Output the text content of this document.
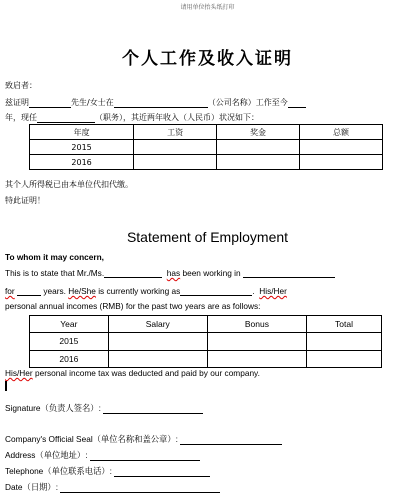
请用单位抬头纸打印
个人工作及收入证明
致启者：
兹证明	先生/女士在	（公司名称）工作至今
年，现任	（职务），其近两年收入（人民币）状况如下：
年度	工资	奖金	总额
2015			
2016			
其个人所得税已由本单位代扣代缴。
特此证明！
Statement of Employment
To whom it may concern,
This is to state that Mr./Ms.	has been working in
for	years. He/She is currently working as	. His/Her
personal annual incomes (RMB) for the past two years are as follows:
Year	Salary	Bonus	Total
2015			
2016			
His/Her personal income tax was deducted and paid by our company.
Signature（负责人签名）:
Company's Official Seal（单位名称和盖公章）:
Address（单位地址）:
Telephone（单位联系电话）:
Date（日期）:
